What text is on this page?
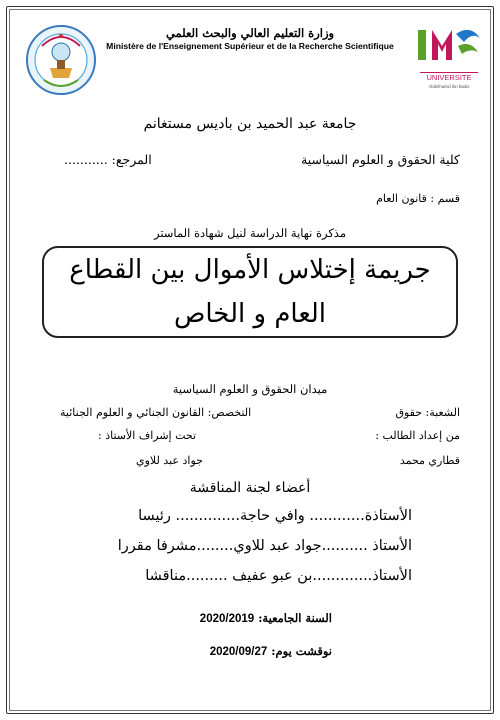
UNIVERSITE
Abdelhamid Ibn Badis
وزارة التعليم العالي والبحث العلمي
Ministère de l'Enseignement Supérieur et de la Recherche Scientifique
جامعة عبد الحميد بن باديس مستغانم
كلية الحقوق و العلوم السياسية
المرجع: ...........
قسم : قانون العام
مذكرة نهاية الدراسة لنيل شهادة الماستر
جريمة إختلاس الأموال بين القطاع
العام و الخاص
ميدان الحقوق و العلوم السياسية
الشعبة: حقوق
التخصص: القانون الجنائي و العلوم الجنائية
من إعداد الطالب :
تحت إشراف الأستاذ :
قطاري محمد
جواد عبد للاوي
أعضاء لجنة المناقشة
الأستاذة............ وافي حاجة.............. رئيسا
الأستاذ ..........جواد عبد للاوي........مشرفا مقررا
الأستاذ.............بن عبو عفيف .........مناقشا
السنة الجامعية: 2020/2019
نوقشت يوم: 2020/09/27
